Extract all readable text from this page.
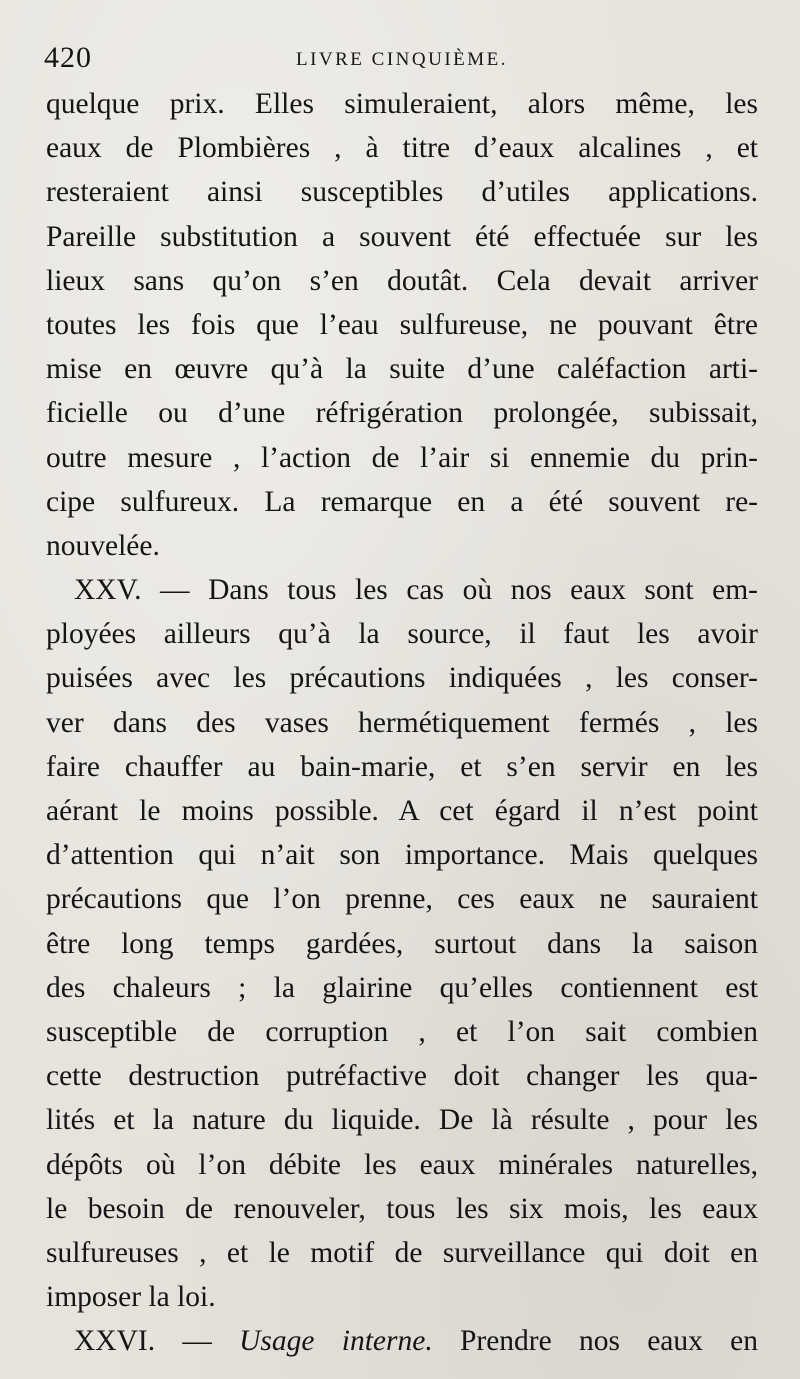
420	LIVRE CINQUIÈME.
quelque prix. Elles simuleraient, alors même, les
eaux de Plombières , à titre d’eaux alcalines , et
resteraient ainsi susceptibles d’utiles applications.
Pareille substitution a souvent été effectuée sur les
lieux sans qu’on s’en doutât. Cela devait arriver
toutes les fois que l’eau sulfureuse, ne pouvant être
mise en œuvre qu’à la suite d’une caléfaction arti-
ficielle ou d’une réfrigération prolongée, subissait,
outre mesure , l’action de l’air si ennemie du prin-
cipe sulfureux. La remarque en a été souvent re-
nouvelée.
XXV. — Dans tous les cas où nos eaux sont em-
ployées ailleurs qu’à la source, il faut les avoir
puisées avec les précautions indiquées , les conser-
ver dans des vases hermétiquement fermés , les
faire chauffer au bain-marie, et s’en servir en les
aérant le moins possible. A cet égard il n’est point
d’attention qui n’ait son importance. Mais quelques
précautions que l’on prenne, ces eaux ne sauraient
être long temps gardées, surtout dans la saison
des chaleurs ; la glairine qu’elles contiennent est
susceptible de corruption , et l’on sait combien
cette destruction putréfactive doit changer les qua-
lités et la nature du liquide. De là résulte , pour les
dépôts où l’on débite les eaux minérales naturelles,
le besoin de renouveler, tous les six mois, les eaux
sulfureuses , et le motif de surveillance qui doit en
imposer la loi.
XXVI. — Usage interne. Prendre nos eaux en
